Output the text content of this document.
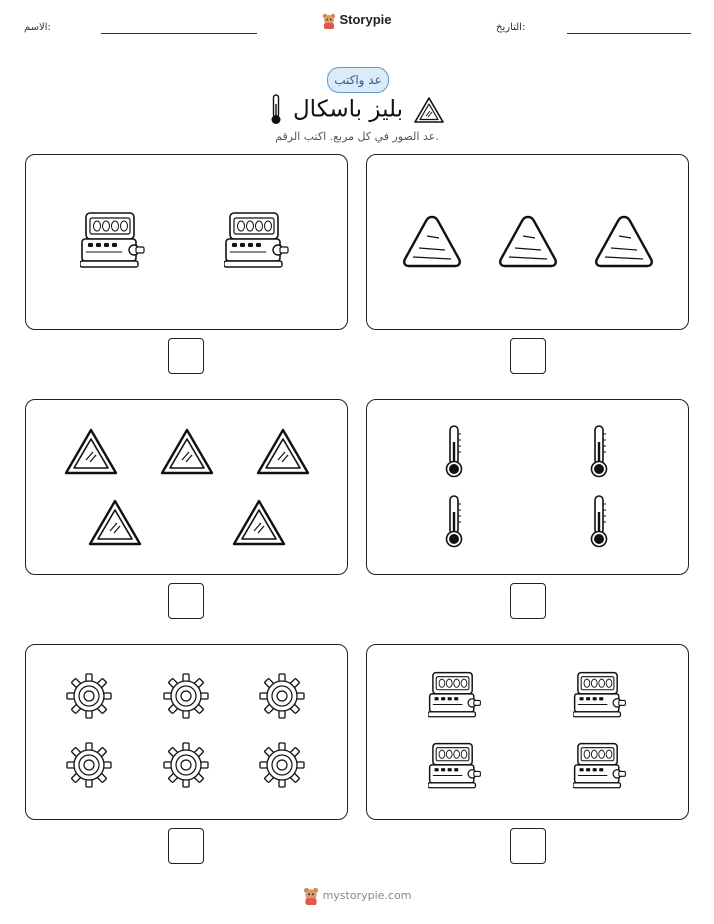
الاسم:	التاريخ:
Storypie
عد واكتب
بليز باسكال
عد الصور في كل مربع. اكتب الرقم.
mystorypie.com
